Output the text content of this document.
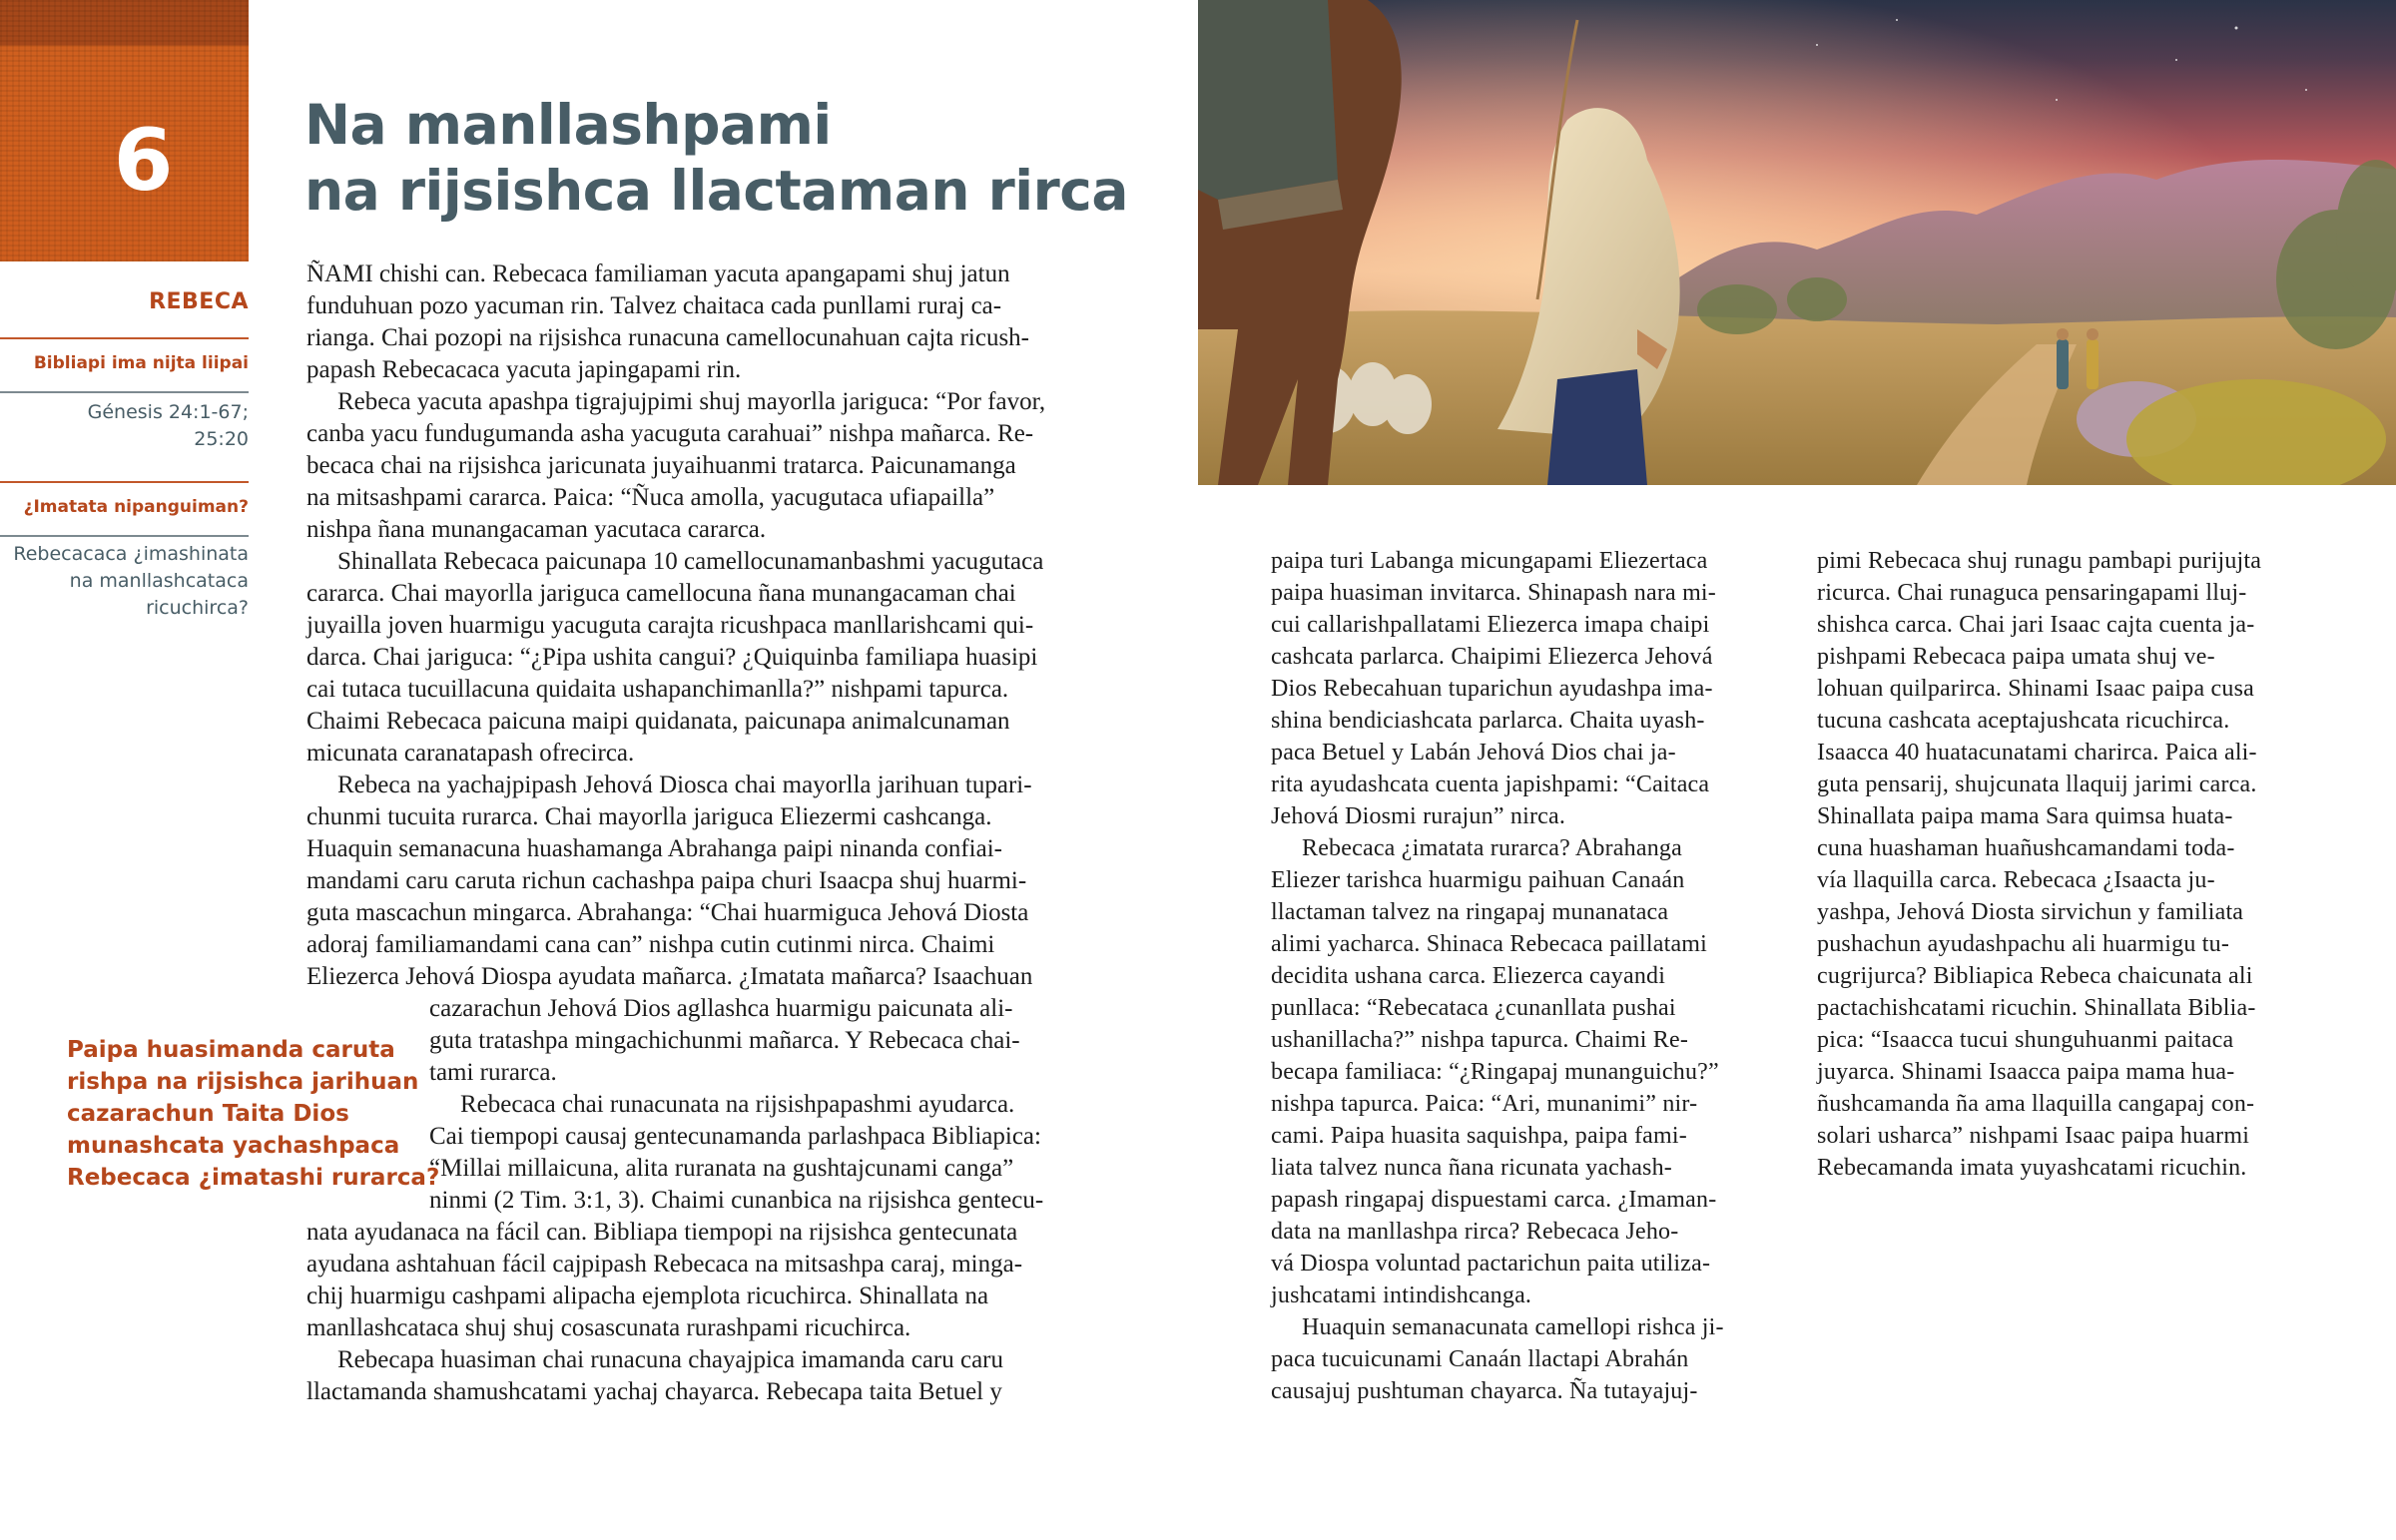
6	Na manllashpami
na rijsishca llactaman rirca
REBECA
Bibliapi ima nijta liipai
Génesis 24:1-67;
25:20
¿Imatata nipanguiman?
Rebecacaca ¿imashinata
na manllashcataca
ricuchirca?
Paipa huasimanda caruta
rishpa na rijsishca jarihuan
cazarachun Taita Dios
munashcata yachashpaca
Rebecaca ¿imatashi rurarca?
ÑAMI chishi can. Rebecaca familiaman yacuta apangapami shuj jatun
funduhuan pozo yacuman rin. Talvez chaitaca cada punllami ruraj ca-
rianga. Chai pozopi na rijsishca runacuna camellocunahuan cajta ricush-
papash Rebecacaca yacuta japingapami rin.
Rebeca yacuta apashpa tigrajujpimi shuj mayorlla jariguca: “Por favor,
canba yacu fundugumanda asha yacuguta carahuai” nishpa mañarca. Re-
becaca chai na rijsishca jaricunata juyaihuanmi tratarca. Paicunamanga
na mitsashpami cararca. Paica: “Ñuca amolla, yacugutaca ufiapailla”
nishpa ñana munangacaman yacutaca cararca.
Shinallata Rebecaca paicunapa 10 camellocunamanbashmi yacugutaca
cararca. Chai mayorlla jariguca camellocuna ñana munangacaman chai
juyailla joven huarmigu yacuguta carajta ricushpaca manllarishcami qui-
darca. Chai jariguca: “¿Pipa ushita cangui? ¿Quiquinba familiapa huasipi
cai tutaca tucuillacuna quidaita ushapanchimanlla?” nishpami tapurca.
Chaimi Rebecaca paicuna maipi quidanata, paicunapa animalcunaman
micunata caranatapash ofrecirca.
Rebeca na yachajpipash Jehová Diosca chai mayorlla jarihuan tupari-
chunmi tucuita rurarca. Chai mayorlla jariguca Eliezermi cashcanga.
Huaquin semanacuna huashamanga Abrahanga paipi ninanda confiai-
mandami caru caruta richun cachashpa paipa churi Isaacpa shuj huarmi-
guta mascachun mingarca. Abrahanga: “Chai huarmiguca Jehová Diosta
adoraj familiamandami cana can” nishpa cutin cutinmi nirca. Chaimi
Eliezerca Jehová Diospa ayudata mañarca. ¿Imatata mañarca? Isaachuan
cazarachun Jehová Dios agllashca huarmigu paicunata ali-
guta tratashpa mingachichunmi mañarca. Y Rebecaca chai-
tami rurarca.
Rebecaca chai runacunata na rijsishpapashmi ayudarca.
Cai tiempopi causaj gentecunamanda parlashpaca Bibliapica:
“Millai millaicuna, alita ruranata na gushtajcunami canga”
ninmi (2 Tim. 3:1, 3). Chaimi cunanbica na rijsishca gentecu-
nata ayudanaca na fácil can. Bibliapa tiempopi na rijsishca gentecunata
ayudana ashtahuan fácil cajpipash Rebecaca na mitsashpa caraj, minga-
chij huarmigu cashpami alipacha ejemplota ricuchirca. Shinallata na
manllashcataca shuj shuj cosascunata rurashpami ricuchirca.
Rebecapa huasiman chai runacuna chayajpica imamanda caru caru
llactamanda shamushcatami yachaj chayarca. Rebecapa taita Betuel y
paipa turi Labanga micungapami Eliezertaca
paipa huasiman invitarca. Shinapash nara mi-
cui callarishpallatami Eliezerca imapa chaipi
cashcata parlarca. Chaipimi Eliezerca Jehová
Dios Rebecahuan tuparichun ayudashpa ima-
shina bendiciashcata parlarca. Chaita uyash-
paca Betuel y Labán Jehová Dios chai ja-
rita ayudashcata cuenta japishpami: “Caitaca
Jehová Diosmi rurajun” nirca.
Rebecaca ¿imatata rurarca? Abrahanga
Eliezer tarishca huarmigu paihuan Canaán
llactaman talvez na ringapaj munanataca
alimi yacharca. Shinaca Rebecaca paillatami
decidita ushana carca. Eliezerca cayandi
punllaca: “Rebecataca ¿cunanllata pushai
ushanillacha?” nishpa tapurca. Chaimi Re-
becapa familiaca: “¿Ringapaj munanguichu?”
nishpa tapurca. Paica: “Ari, munanimi” nir-
cami. Paipa huasita saquishpa, paipa fami-
liata talvez nunca ñana ricunata yachash-
papash ringapaj dispuestami carca. ¿Imaman-
data na manllashpa rirca? Rebecaca Jeho-
vá Diospa voluntad pactarichun paita utiliza-
jushcatami intindishcanga.
Huaquin semanacunata camellopi rishca ji-
paca tucuicunami Canaán llactapi Abrahán
causajuj pushtuman chayarca. Ña tutayajuj-
pimi Rebecaca shuj runagu pambapi purijujta
ricurca. Chai runaguca pensaringapami lluj-
shishca carca. Chai jari Isaac cajta cuenta ja-
pishpami Rebecaca paipa umata shuj ve-
lohuan quilparirca. Shinami Isaac paipa cusa
tucuna cashcata aceptajushcata ricuchirca.
Isaacca 40 huatacunatami charirca. Paica ali-
guta pensarij, shujcunata llaquij jarimi carca.
Shinallata paipa mama Sara quimsa huata-
cuna huashaman huañushcamandami toda-
vía llaquilla carca. Rebecaca ¿Isaacta ju-
yashpa, Jehová Diosta sirvichun y familiata
pushachun ayudashpachu ali huarmigu tu-
cugrijurca? Bibliapica Rebeca chaicunata ali
pactachishcatami ricuchin. Shinallata Biblia-
pica: “Isaacca tucui shunguhuanmi paitaca
juyarca. Shinami Isaacca paipa mama hua-
ñushcamanda ña ama llaquilla cangapaj con-
solari usharca” nishpami Isaac paipa huarmi
Rebecamanda imata yuyashcatami ricuchin.
